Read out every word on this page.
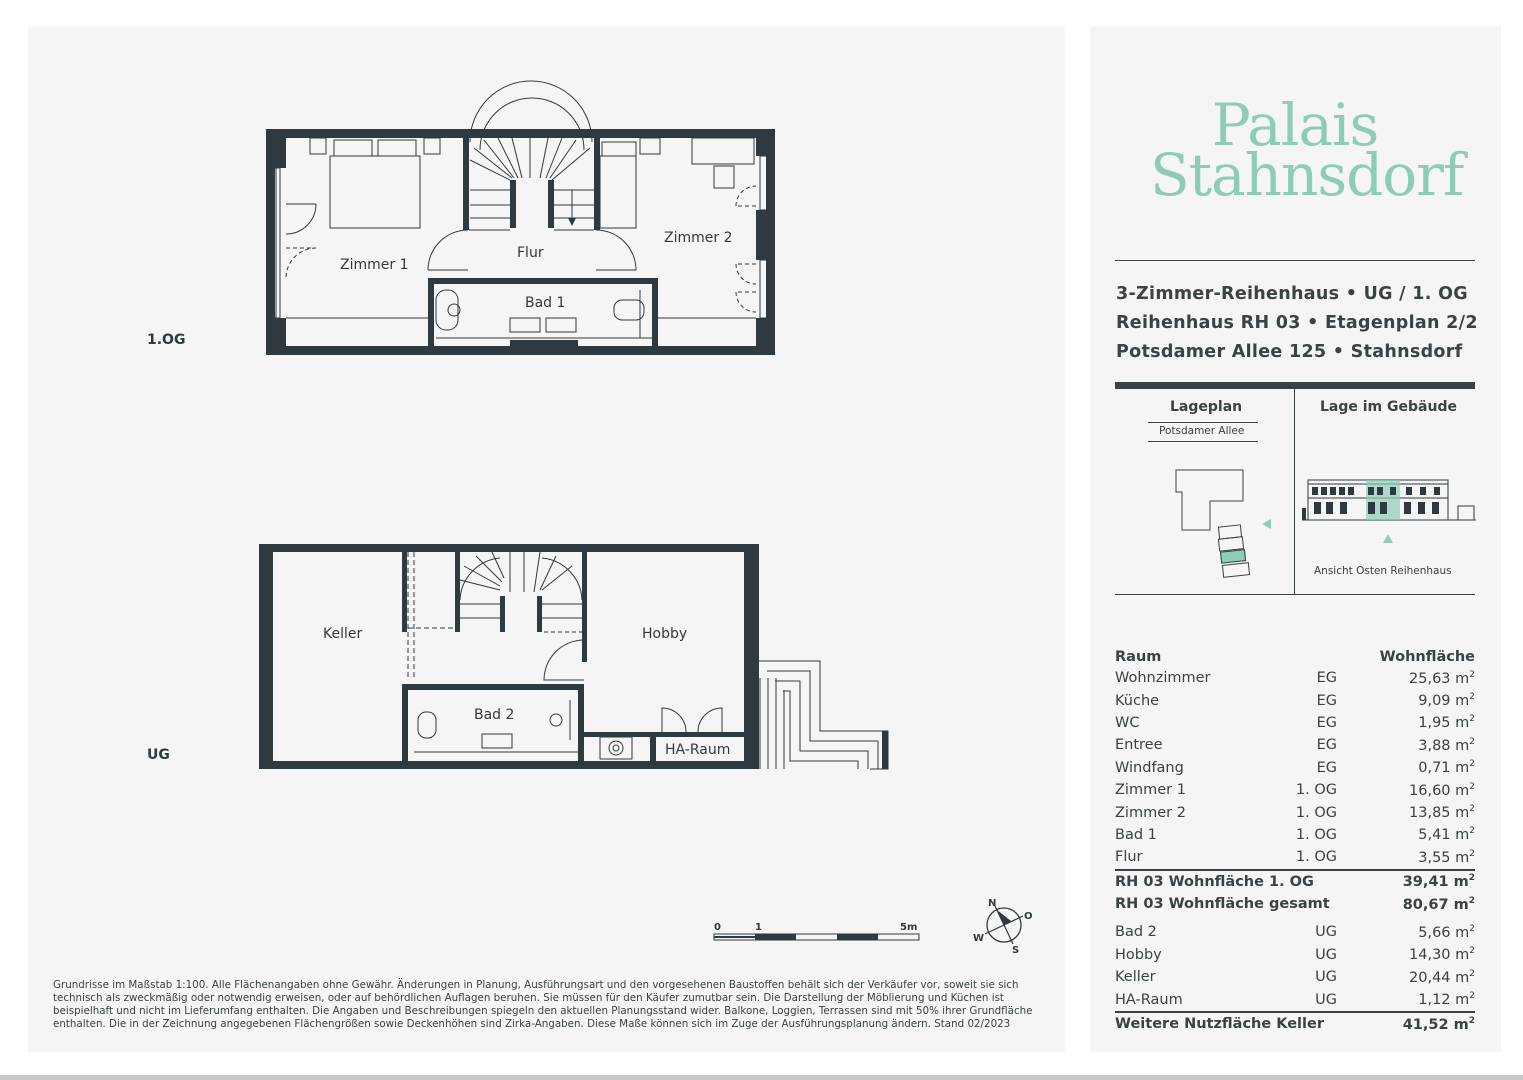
1.OG
UG
Zimmer 1
Flur
Zimmer 2
Bad 1
Keller	Hobby
Bad 2
HA-Raum
0	1	5m
N
O
S
W
Grundrisse im Maßstab 1:100. Alle Flächenangaben ohne Gewähr. Änderungen in Planung, Ausführungsart und den vorgesehenen Baustoffen behält sich der Verkäufer vor, soweit sie sich technisch als zweckmäßig oder notwendig erweisen, oder auf behördlichen Auflagen beruhen. Sie müssen für den Käufer zumutbar sein. Die Darstellung der Möblierung und Küchen ist beispielhaft und nicht im Lieferumfang enthalten. Die Angaben und Beschreibungen spiegeln den aktuellen Planungsstand wider. Balkone, Loggien, Terrassen sind mit 50% ihrer Grundfläche enthalten. Die in der Zeichnung angegebenen Flächengrößen sowie Deckenhöhen sind Zirka-Angaben. Diese Maße können sich im Zuge der Ausführungsplanung ändern. Stand 02/2023
Palais
Stahnsdorf
3-Zimmer-Reihenhaus • UG / 1. OG
Reihenhaus RH 03 • Etagenplan 2/2
Potsdamer Allee 125 • Stahnsdorf
Lageplan
Potsdamer Allee
Lage im Gebäude
Ansicht Osten Reihenhaus
Raum		Wohnfläche
Wohnzimmer	EG	25,63 $m^2$
Küche	EG	9,09 $m^2$
WC	EG	1,95 $m^2$
Entree	EG	3,88 $m^2$
Windfang	EG	0,71 $m^2$
Zimmer 1	1. OG	16,60 $m^2$
Zimmer 2	1. OG	13,85 $m^2$
Bad 1	1. OG	5,41 $m^2$
Flur	1. OG	3,55 $m^2$
RH 03 Wohnfläche 1. OG		39,41 $m^2$
RH 03 Wohnfläche gesamt		80,67 $m^2$
Bad 2	UG	5,66 $m^2$
Hobby	UG	14,30 $m^2$
Keller	UG	20,44 $m^2$
HA-Raum	UG	1,12 $m^2$
Weitere Nutzfläche Keller		41,52 $m^2$
